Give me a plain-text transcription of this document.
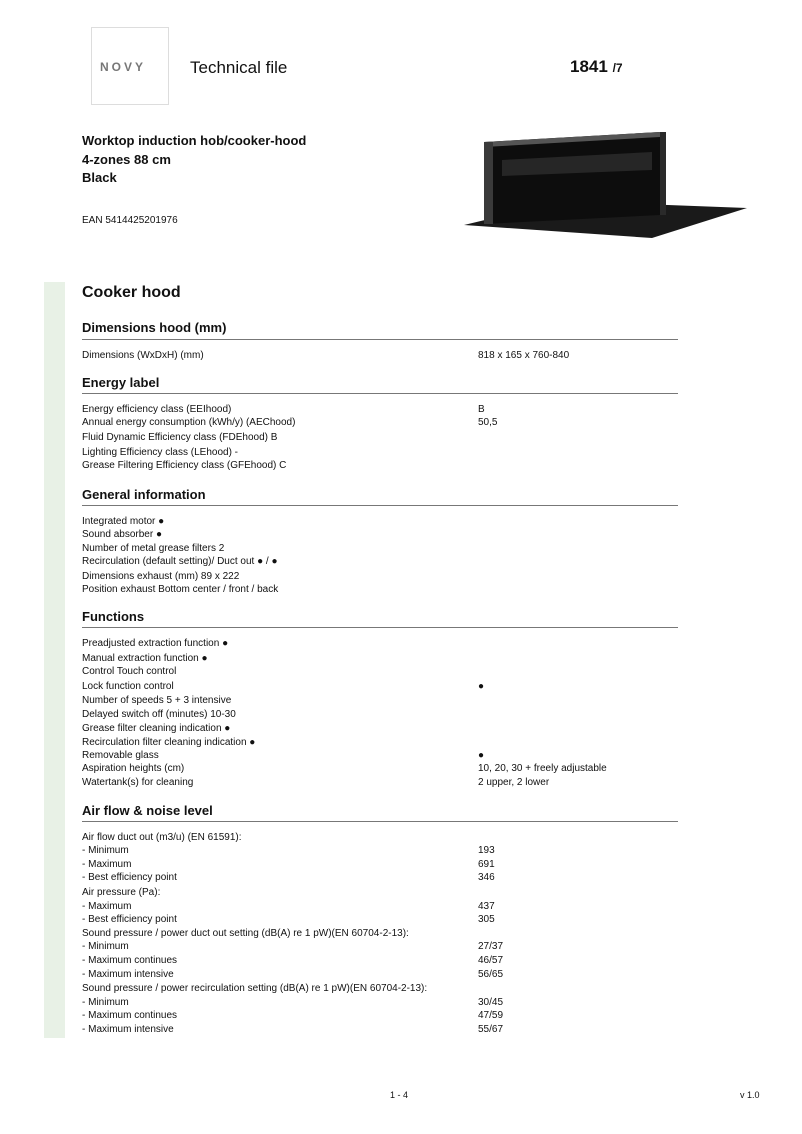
NOVY	Technical file	1841 /7
Worktop induction hob/cooker-hood
4-zones 88 cm
Black
EAN 5414425201976
Cooker hood
Dimensions hood (mm)
Energy label
General information
Functions
Air flow & noise level
Dimensions (WxDxH) (mm)	818 x 165 x 760-840
Energy efficiency class (EEIhood)	B
Annual energy consumption (kWh/y) (AEChood)	50,5
Fluid Dynamic Efficiency class (FDEhood) B
Lighting Efficiency class (LEhood) -
Grease Filtering Efficiency class (GFEhood) C
Integrated motor ●
Sound absorber ●
Number of metal grease filters 2
Recirculation (default setting)/ Duct out ● / ●
Dimensions exhaust (mm) 89 x 222
Position exhaust Bottom center / front / back
Preadjusted extraction function ●
Manual extraction function ●
Control Touch control
Lock function control	●
Number of speeds 5 + 3 intensive
Delayed switch off (minutes) 10-30
Grease filter cleaning indication ●
Recirculation filter cleaning indication ●
Removable glass	●
Aspiration heights (cm)	10, 20, 30 + freely adjustable
Watertank(s) for cleaning	2 upper, 2 lower
Air flow duct out (m3/u) (EN 61591):
- Minimum	193
- Maximum	691
- Best efficiency point	346
Air pressure (Pa):
- Maximum	437
- Best efficiency point	305
Sound pressure / power duct out setting (dB(A) re 1 pW)(EN 60704-2-13):
- Minimum	27/37
- Maximum continues	46/57
- Maximum intensive	56/65
Sound pressure / power recirculation setting (dB(A) re 1 pW)(EN 60704-2-13):
- Minimum	30/45
- Maximum continues	47/59
- Maximum intensive	55/67
1 - 4	v 1.0
